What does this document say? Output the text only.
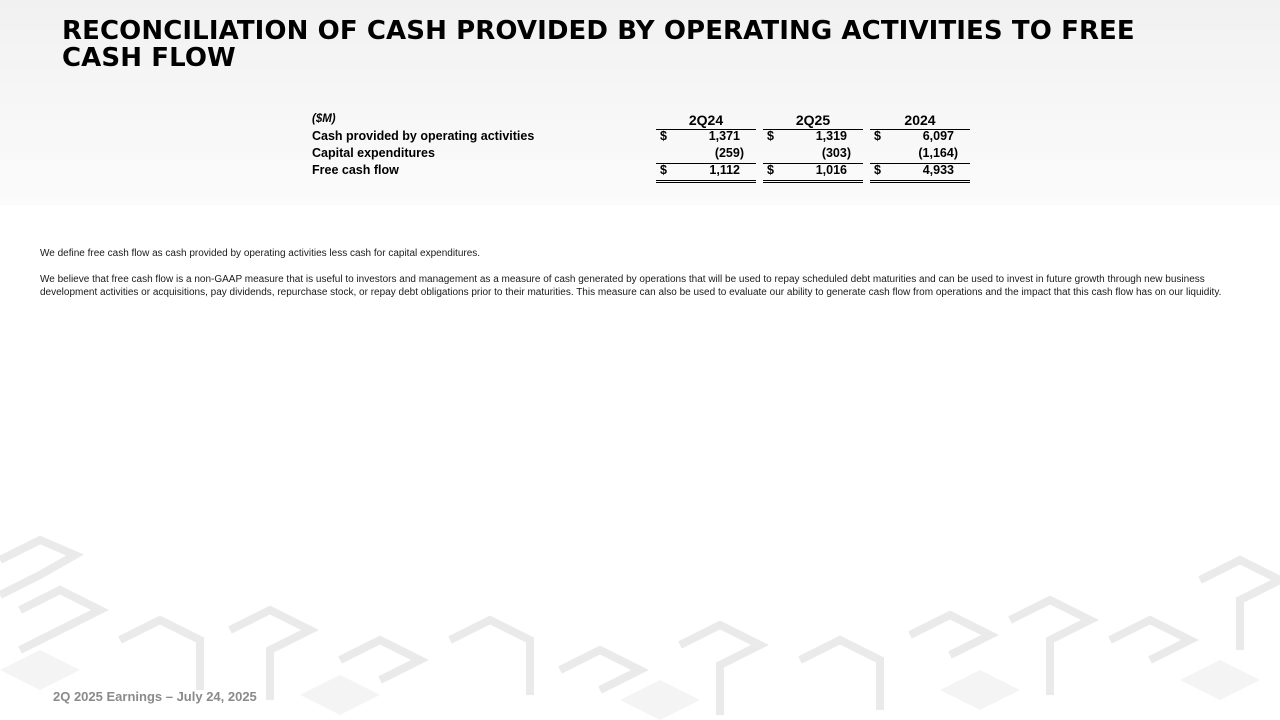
RECONCILIATION OF CASH PROVIDED BY OPERATING ACTIVITIES TO FREE CASH FLOW
($M)	2Q24	2Q25	2024
Cash provided by operating activities	$	1,371 $	1,319 $	6,097
Capital expenditures	(259)	(303)	(1,164)
Free cash flow	$	1,112 $	1,016 $	4,933

We define free cash flow as cash provided by operating activities less cash for capital expenditures.

We believe that free cash flow is a non-GAAP measure that is useful to investors and management as a measure of cash generated by operations that will be used to repay scheduled debt maturities and can be used to invest in future growth through new business development activities or acquisitions, pay dividends, repurchase stock, or repay debt obligations prior to their maturities. This measure can also be used to evaluate our ability to generate cash flow from operations and the impact that this cash flow has on our liquidity.

2Q 2025 Earnings – July 24, 2025
